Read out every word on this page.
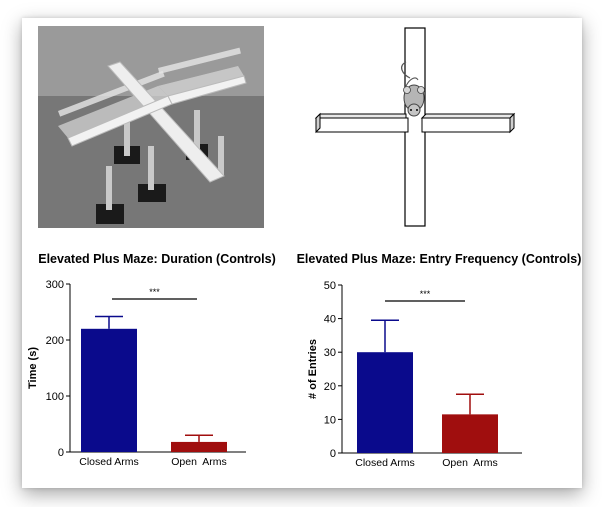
Elevated Plus Maze: Duration (Controls)
Time (s)
0
100
200
300
***
Closed Arms	Open  Arms
Elevated Plus Maze: Entry Frequency (Controls)
# of Entries
0
10
20
30
40
50
***
Closed Arms	Open  Arms
